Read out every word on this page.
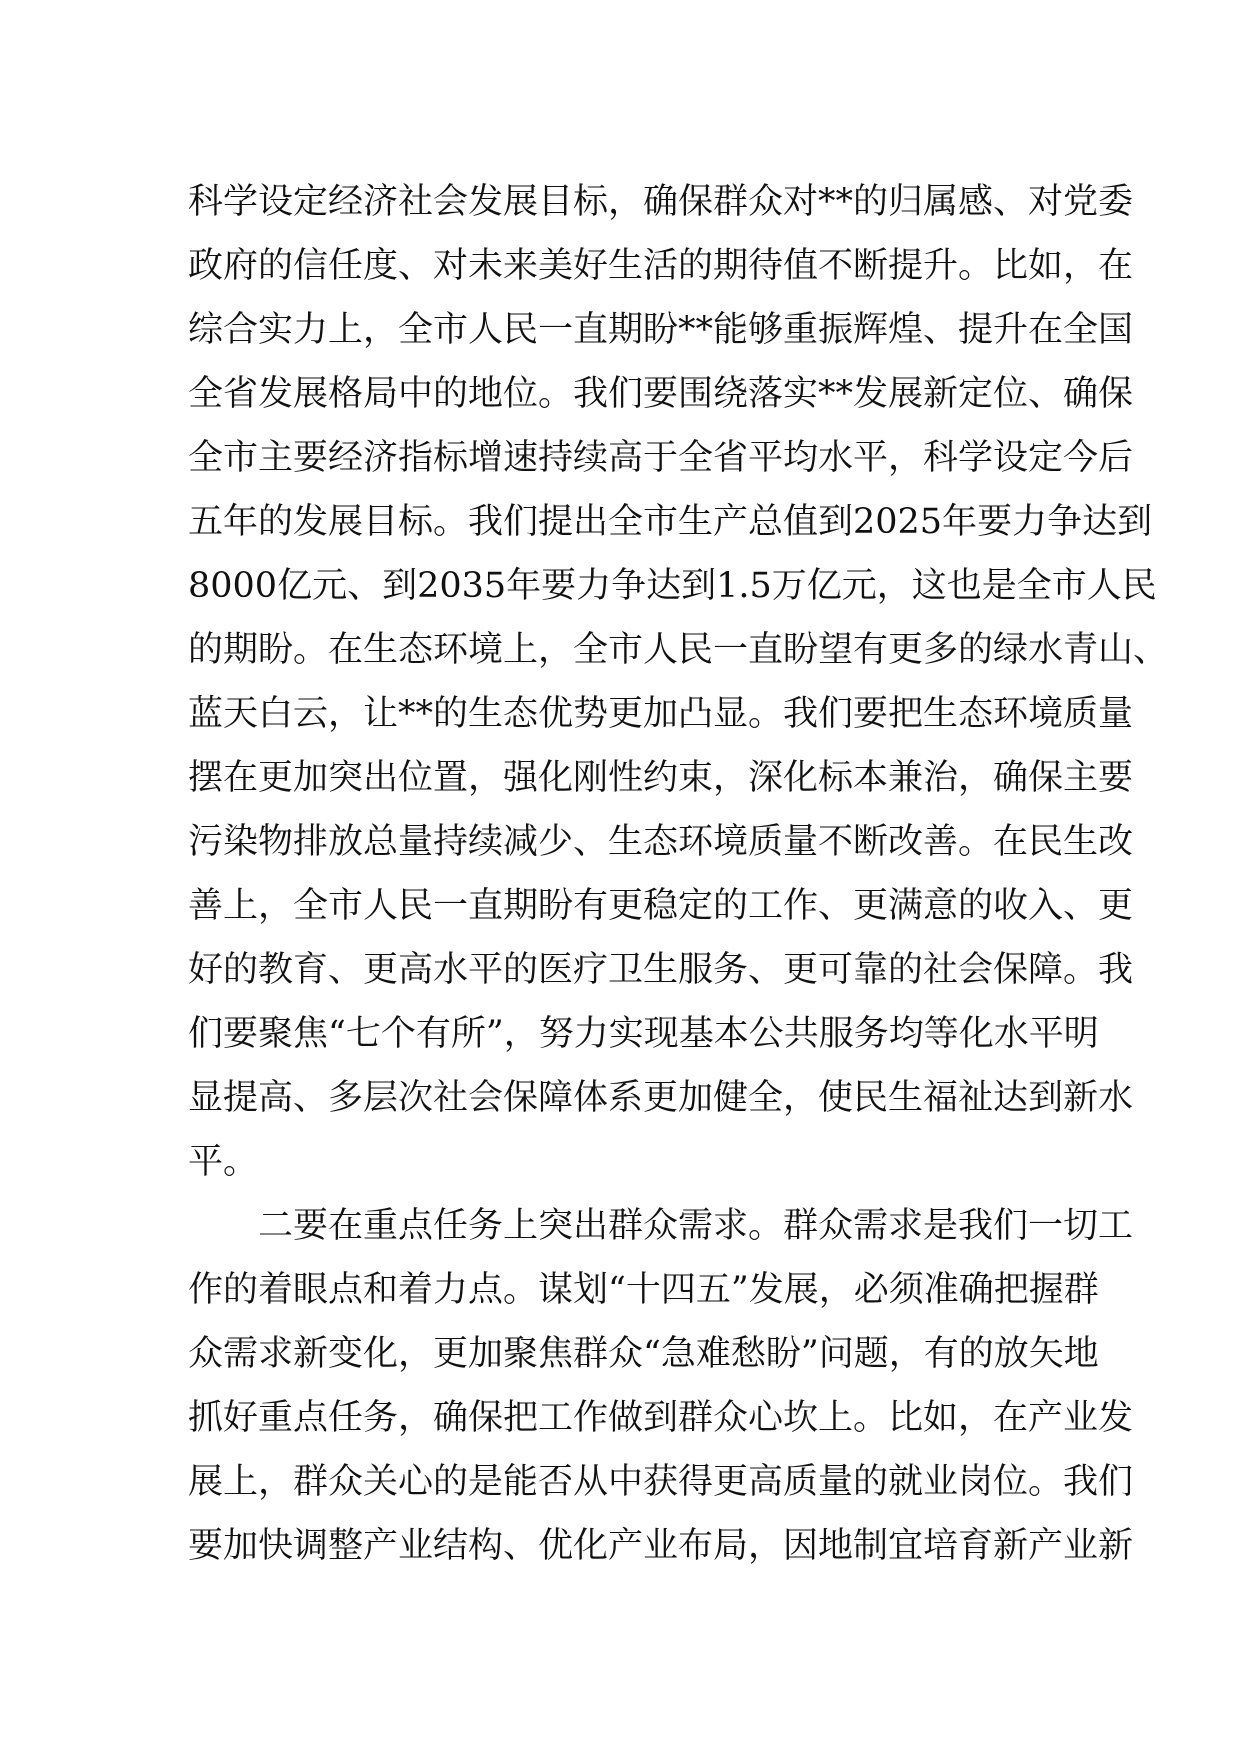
科学设定经济社会发展目标，确保群众对**的归属感、对党委
政府的信任度、对未来美好生活的期待值不断提升。比如，在
综合实力上，全市人民一直期盼**能够重振辉煌、提升在全国
全省发展格局中的地位。我们要围绕落实**发展新定位、确保
全市主要经济指标增速持续高于全省平均水平，科学设定今后
五年的发展目标。我们提出全市生产总值到2025年要力争达到
8000亿元、到2035年要力争达到1.5万亿元，这也是全市人民
的期盼。在生态环境上，全市人民一直盼望有更多的绿水青山、
蓝天白云，让**的生态优势更加凸显。我们要把生态环境质量
摆在更加突出位置，强化刚性约束，深化标本兼治，确保主要
污染物排放总量持续减少、生态环境质量不断改善。在民生改
善上，全市人民一直期盼有更稳定的工作、更满意的收入、更
好的教育、更高水平的医疗卫生服务、更可靠的社会保障。我
们要聚焦“七个有所”，努力实现基本公共服务均等化水平明
显提高、多层次社会保障体系更加健全，使民生福祉达到新水
平。
二要在重点任务上突出群众需求。群众需求是我们一切工
作的着眼点和着力点。谋划“十四五”发展，必须准确把握群
众需求新变化，更加聚焦群众“急难愁盼”问题，有的放矢地
抓好重点任务，确保把工作做到群众心坎上。比如，在产业发
展上，群众关心的是能否从中获得更高质量的就业岗位。我们
要加快调整产业结构、优化产业布局，因地制宜培育新产业新
